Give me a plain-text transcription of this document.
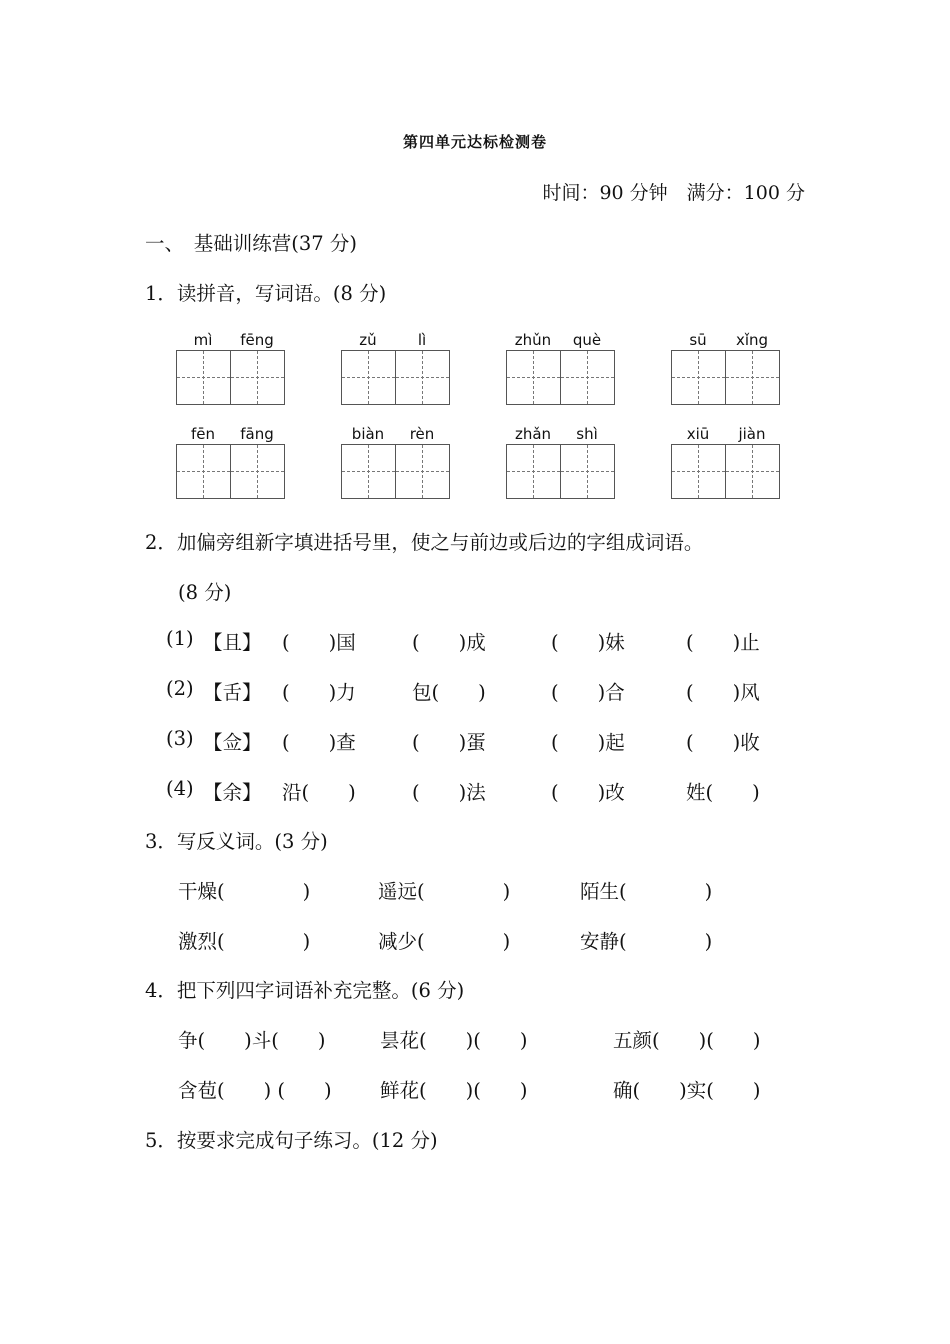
第四单元达标检测卷
时间：90 分钟　满分：100 分
一、　基础训练营(37 分)
1．读拼音，写词语。(8 分)
mì	fēng	zǔ	lì	zhǔn	què	sū	xǐng
fēn	fāng	biàn	rèn	zhǎn	shì	xiū	jiàn
2．加偏旁组新字填进括号里，使之与前边或后边的字组成词语。
(8 分)
(1) 【且】 (　　)国	(　　)成	(　　)妹	(　　)止
(2) 【舌】 (　　)力	包(　　)	(　　)合	(　　)风
(3) 【佥】 (　　)查	(　　)蛋	(　　)起	(　　)收
(4) 【余】 沿(　　)	(　　)法	(　　)改	姓(　　)
3．写反义词。(3 分)
干燥(　　　　)	遥远(　　　　)	陌生(　　　　)
激烈(　　　　)	减少(　　　　)	安静(　　　　)
4．把下列四字词语补充完整。(6 分)
争(　　)斗(　　)	昙花(　　)(　　)	五颜(　　)(　　)
含苞(　　) (　　) 鲜花(　　)(　　)	确(　　)实(　　)
5．按要求完成句子练习。(12 分)
